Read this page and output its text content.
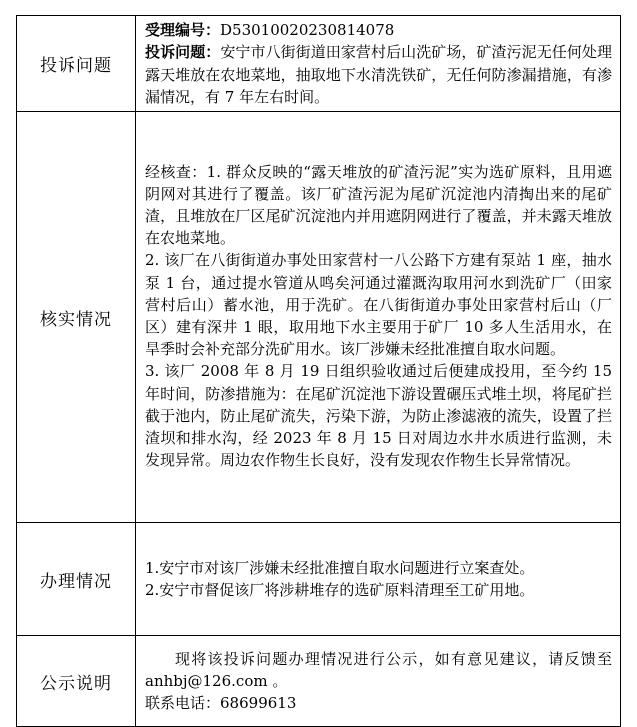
投诉问题	受理编号：D53010020230814078

投诉问题：安宁市八街街道田家营村后山洗矿场，矿渣污泥无任何处理露天堆放在农地菜地，抽取地下水清洗铁矿，无任何防渗漏措施，有渗漏情况，有 7 年左右时间。

核实情况	经核查：1. 群众反映的“露天堆放的矿渣污泥”实为选矿原料，且用遮阴网对其进行了覆盖。该厂矿渣污泥为尾矿沉淀池内清掏出来的尾矿渣，且堆放在厂区尾矿沉淀池内并用遮阴网进行了覆盖，并未露天堆放在农地菜地。

2. 该厂在八街街道办事处田家营村一八公路下方建有泵站 1 座，抽水泵 1 台，通过提水管道从鸣矣河通过灌溉沟取用河水到洗矿厂（田家营村后山）蓄水池，用于洗矿。在八街街道办事处田家营村后山（厂区）建有深井 1 眼，取用地下水主要用于矿厂 10 多人生活用水，在旱季时会补充部分洗矿用水。该厂涉嫌未经批准擅自取水问题。

3. 该厂 2008 年 8 月 19 日组织验收通过后便建成投用，至今约 15 年时间，防渗措施为：在尾矿沉淀池下游设置碾压式堆土坝，将尾矿拦截于池内，防止尾矿流失，污染下游，为防止渗滤液的流失，设置了拦渣坝和排水沟，经 2023 年 8 月 15 日对周边水井水质进行监测，未发现异常。周边农作物生长良好，没有发现农作物生长异常情况。

办理情况	1.安宁市对该厂涉嫌未经批准擅自取水问题进行立案查处。

2.安宁市督促该厂将涉耕堆存的选矿原料清理至工矿用地。

公示说明	现将该投诉问题办理情况进行公示，如有意见建议，请反馈至 anhbj@126.com 。

联系电话：68699613
